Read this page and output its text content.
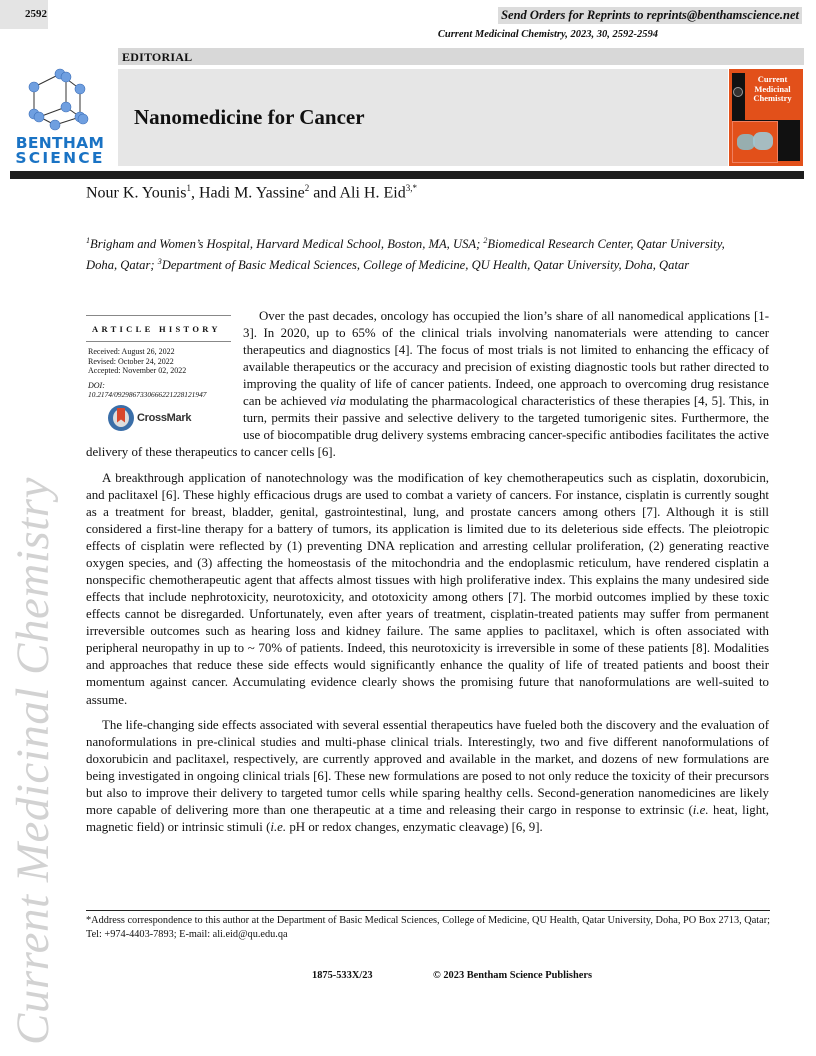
2592	Send Orders for Reprints to reprints@benthamscience.net
Current Medicinal Chemistry, 2023, 30, 2592-2594
BENTHAM
SCIENCE
EDITORIAL
Nanomedicine for Cancer
Current
Medicinal
Chemistry
Nour K. Younis$^1$, Hadi M. Yassine$^2$ and Ali H. Eid$^{3,*}$
$^1$Brigham and Women’s Hospital, Harvard Medical School, Boston, MA, USA; $^2$Biomedical Research Center, Qatar University, Doha, Qatar; $^3$Department of Basic Medical Sciences, College of Medicine, QU Health, Qatar University, Doha, Qatar
Current Medicinal Chemistry

Over the past decades, oncology has occupied the lion’s share of all nanomedical applications [1-3]. In 2020, up to 65% of the clinical trials involving nanomaterials were attending to cancer therapeutics and diagnostics [4]. The focus of most trials is not limited to enhancing the efficacy of available therapeutics or the accuracy and precision of existing diagnostic tools but rather directed to improving the quality of life of cancer patients. Indeed, one approach to overcoming drug resistance can be achieved via modulating the pharmacological characteristics of these therapies [4, 5]. This, in turn, permits their passive and selective delivery to the targeted tumorigenic sites. Furthermore, the use of biocompatible drug delivery systems embracing cancer-specific antibodies facilitates the active delivery of these therapeutics to cancer cells [6].

A breakthrough application of nanotechnology was the modification of key chemotherapeutics such as cisplatin, doxorubicin, and paclitaxel [6]. These highly efficacious drugs are used to combat a variety of cancers. For instance, cisplatin is currently sought as a treatment for breast, bladder, genital, gastrointestinal, lung, and prostate cancers among others [7]. Although it is still considered a first-line therapy for a battery of tumors, its application is limited due to its deleterious side effects. The pleiotropic effects of cisplatin were reflected by (1) preventing DNA replication and arresting cellular proliferation, (2) generating reactive oxygen species, and (3) affecting the homeostasis of the mitochondria and the endoplasmic reticulum, have rendered cisplatin a nonspecific chemotherapeutic agent that affects almost tissues with high proliferative index. This explains the many undesired side effects that include nephrotoxicity, neurotoxicity, and ototoxicity among others [7]. The morbid outcomes implied by these toxic effects cannot be disregarded. Unfortunately, even after years of treatment, cisplatin-treated patients may suffer from permanent irreversible outcomes such as hearing loss and kidney failure. The same applies to paclitaxel, which is often associated with peripheral neuropathy in up to ~ 70% of patients. Indeed, this neurotoxicity is irreversible in some of these patients [8]. Modalities and approaches that reduce these side effects would significantly enhance the quality of life of treated patients and boost their momentum against cancer. Accumulating evidence clearly shows the promising future that nanoformulations are well-suited to assume.

The life-changing side effects associated with several essential therapeutics have fueled both the discovery and the evaluation of nanoformulations in pre-clinical studies and multi-phase clinical trials. Interestingly, two and five different nanoformulations of doxorubicin and paclitaxel, respectively, are currently approved and available in the market, and dozens of new formulations are being investigated in ongoing clinical trials [6]. These new formulations are posed to not only reduce the toxicity of their precursors but also to improve their delivery to targeted tumor cells while sparing healthy cells. Second-generation nanomedicines are likely more capable of delivering more than one therapeutic at a time and releasing their cargo in response to extrinsic (i.e. heat, light, magnetic field) or intrinsic stimuli (i.e. pH or redox changes, enzymatic cleavage) [6, 9].

ARTICLE HISTORY
Received: August 26, 2022
Revised: October 24, 2022
Accepted: November 02, 2022
DOI:
10.2174/0929867330666221228121947
CrossMark
*Address correspondence to this author at the Department of Basic Medical Sciences, College of Medicine, QU Health, Qatar University, Doha, PO Box 2713, Qatar; Tel: +974-4403-7893; E-mail: ali.eid@qu.edu.qa
1875-533X/23	© 2023 Bentham Science Publishers
